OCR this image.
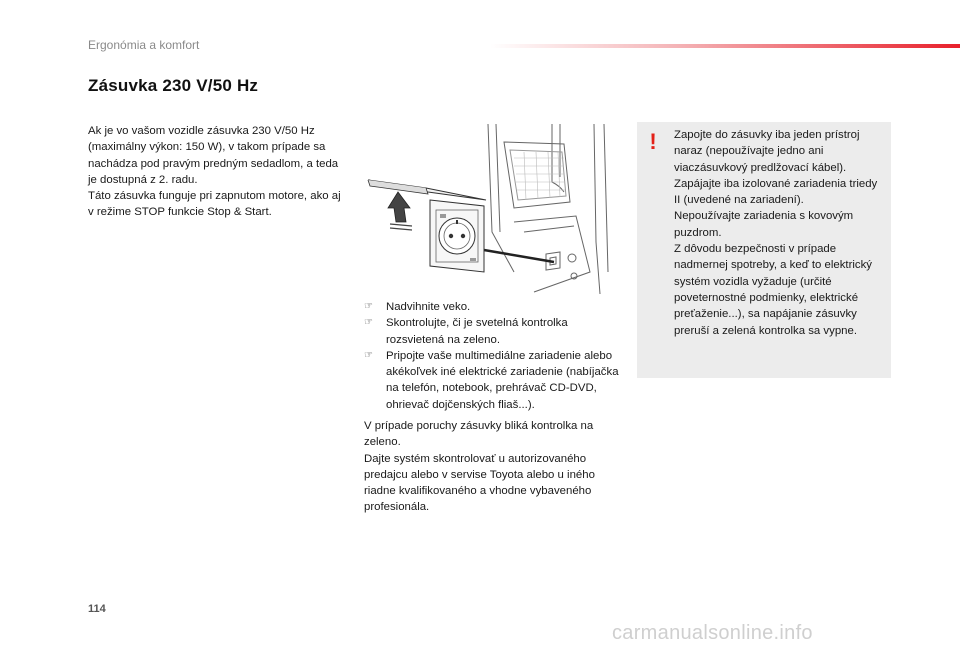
Ergonómia a komfort
Zásuvka 230 V/50 Hz

Ak je vo vašom vozidle zásuvka 230 V/50 Hz (maximálny výkon: 150 W), v takom prípade sa nachádza pod pravým predným sedadlom, a teda je dostupná z 2. radu.

Táto zásuvka funguje pri zapnutom motore, ako aj v režime STOP funkcie Stop & Start.

☞ Nadvihnite veko.
☞ Skontrolujte, či je svetelná kontrolka rozsvietená na zeleno.
☞ Pripojte vaše multimediálne zariadenie alebo akékoľvek iné elektrické zariadenie (nabíjačka na telefón, notebook, prehrávač CD-DVD, ohrievač dojčenských fliaš...).

V prípade poruchy zásuvky bliká kontrolka na zeleno.

Dajte systém skontrolovať u autorizovaného predajcu alebo v servise Toyota alebo u iného riadne kvalifikovaného a vhodne vybaveného profesionála.

! Zapojte do zásuvky iba jeden prístroj naraz (nepoužívajte jedno ani viaczásuvkový predlžovací kábel).

Zapájajte iba izolované zariadenia triedy II (uvedené na zariadení).

Nepoužívajte zariadenia s kovovým puzdrom.

Z dôvodu bezpečnosti v prípade nadmernej spotreby, a keď to elektrický systém vozidla vyžaduje (určité poveternostné podmienky, elektrické preťaženie...), sa napájanie zásuvky preruší a zelená kontrolka sa vypne.

114
carmanualsonline.info
